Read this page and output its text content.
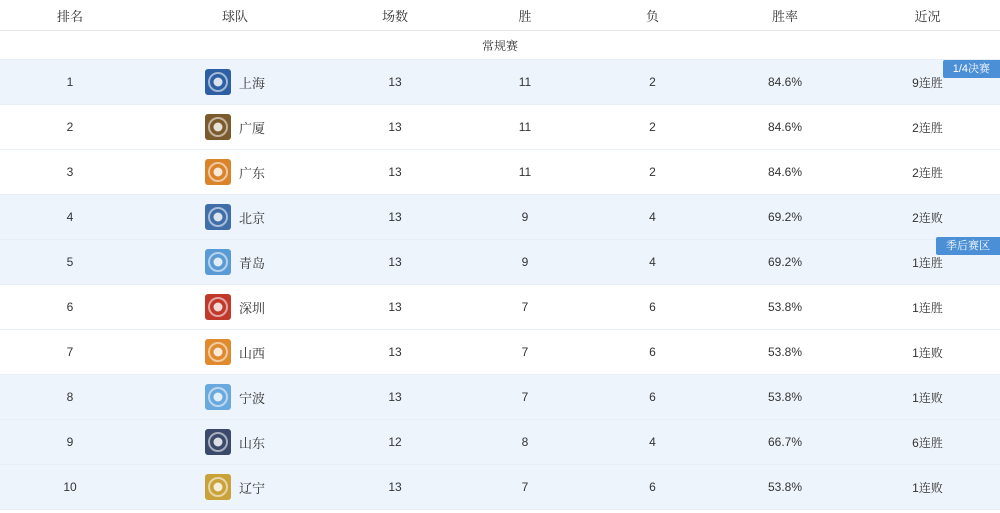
排名	球队	场数	胜	负	胜率	近况
常规赛						
1	上海	13	11	2	84.6%	9连胜
2	广厦	13	11	2	84.6%	2连胜
3	广东	13	11	2	84.6%	2连胜
4	北京	13	9	4	69.2%	2连败
5	青岛	13	9	4	69.2%	1连胜
6	深圳	13	7	6	53.8%	1连胜
7	山西	13	7	6	53.8%	1连败
8	宁波	13	7	6	53.8%	1连败
9	山东	12	8	4	66.7%	6连胜
10	辽宁	13	7	6	53.8%	1连败
1/4决赛
季后赛区
